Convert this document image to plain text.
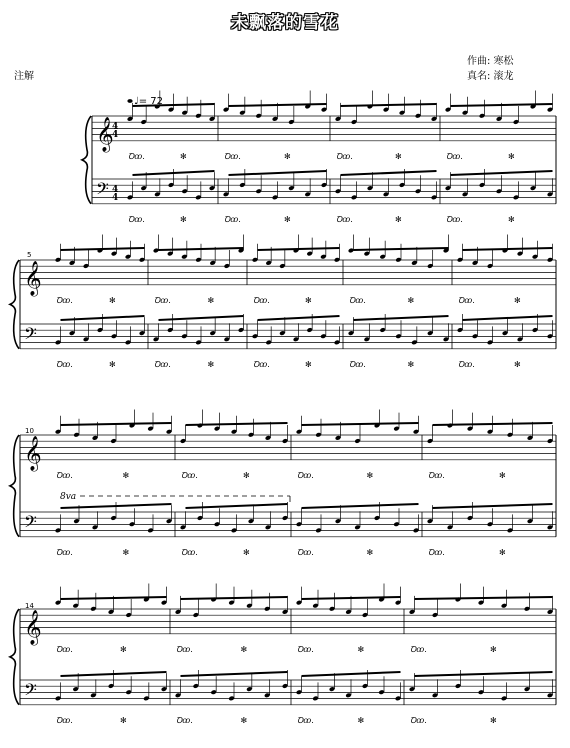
未飘落的雪花
作曲: 寒松
真名: 滚龙
注解
𝄞
𝄢
Ꝺꝏ.	✻	Ꝺꝏ.	✻	Ꝺꝏ.	✻	Ꝺꝏ.	✻
Ꝺꝏ.	✻	Ꝺꝏ.	✻	Ꝺꝏ.	✻	Ꝺꝏ.	✻
𝄞
𝄢
Ꝺꝏ.	✻	Ꝺꝏ.	✻	Ꝺꝏ.	✻	Ꝺꝏ.	✻	Ꝺꝏ.	✻
Ꝺꝏ.	✻	Ꝺꝏ.	✻	Ꝺꝏ.	✻	Ꝺꝏ.	✻	Ꝺꝏ.	✻
𝄞
𝄢
Ꝺꝏ.	✻	Ꝺꝏ.	✻	Ꝺꝏ.	✻	Ꝺꝏ.	✻
Ꝺꝏ.	✻	Ꝺꝏ.	✻	Ꝺꝏ.	✻	Ꝺꝏ.	✻
𝄞
𝄢
Ꝺꝏ.	✻	Ꝺꝏ.	✻	Ꝺꝏ.	✻	Ꝺꝏ.	✻
Ꝺꝏ.	✻	Ꝺꝏ.	✻	Ꝺꝏ.	✻	Ꝺꝏ.	✻
♩= 72
4
4
4
4
5
10
14
8va
